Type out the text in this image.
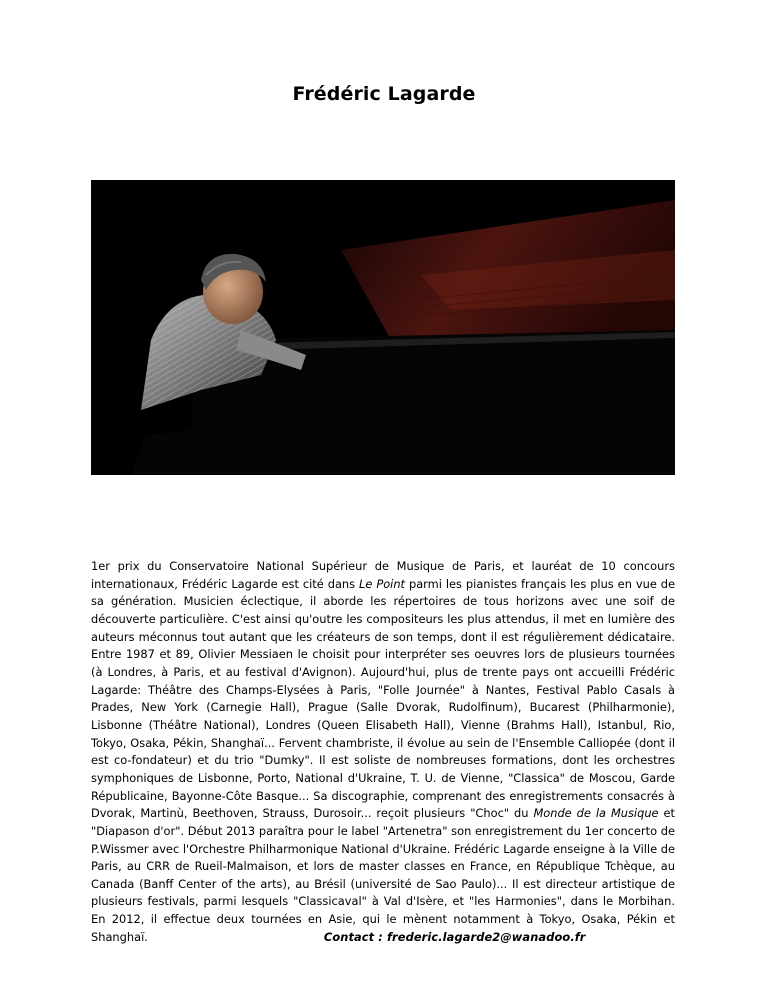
Frédéric Lagarde
1er prix du Conservatoire National Supérieur de Musique de Paris, et lauréat de 10 concours internationaux, Frédéric Lagarde est cité dans Le Point parmi les pianistes français les plus en vue de sa génération. Musicien éclectique, il aborde les répertoires de tous horizons avec une soif de découverte particulière. C'est ainsi qu'outre les compositeurs les plus attendus, il met en lumière des auteurs méconnus tout autant que les créateurs de son temps, dont il est régulièrement dédicataire. Entre 1987 et 89, Olivier Messiaen le choisit pour interpréter ses oeuvres lors de plusieurs tournées (à Londres, à Paris, et au festival d'Avignon). Aujourd'hui, plus de trente pays ont accueilli Frédéric Lagarde: Théâtre des Champs-Elysées à Paris, "Folle Journée" à Nantes, Festival Pablo Casals à Prades, New York (Carnegie Hall), Prague (Salle Dvorak, Rudolfinum), Bucarest (Philharmonie), Lisbonne (Théâtre National), Londres (Queen Elisabeth Hall), Vienne (Brahms Hall), Istanbul, Rio, Tokyo, Osaka, Pékin, Shanghaï... Fervent chambriste, il évolue au sein de l'Ensemble Calliopée (dont il est co-fondateur) et du trio "Dumky". Il est soliste de nombreuses formations, dont les orchestres symphoniques de Lisbonne, Porto, National d'Ukraine, T. U. de Vienne, "Classica" de Moscou, Garde Républicaine, Bayonne-Côte Basque... Sa discographie, comprenant des enregistrements consacrés à Dvorak, Martinù, Beethoven, Strauss, Durosoir... reçoit plusieurs "Choc" du Monde de la Musique et "Diapason d'or". Début 2013 paraîtra pour le label "Artenetra" son enregistrement du 1er concerto de P.Wissmer avec l'Orchestre Philharmonique National d'Ukraine. Frédéric Lagarde enseigne à la Ville de Paris, au CRR de Rueil-Malmaison, et lors de master classes en France, en République Tchèque, au Canada (Banff Center of the arts), au Brésil (université de Sao Paulo)... Il est directeur artistique de plusieurs festivals, parmi lesquels "Classicaval" à Val d'Isère, et "les Harmonies", dans le Morbihan. En 2012, il effectue deux tournées en Asie, qui le mènent notamment à Tokyo, Osaka, Pékin et Shanghaï.	Contact : frederic.lagarde2@wanadoo.fr
